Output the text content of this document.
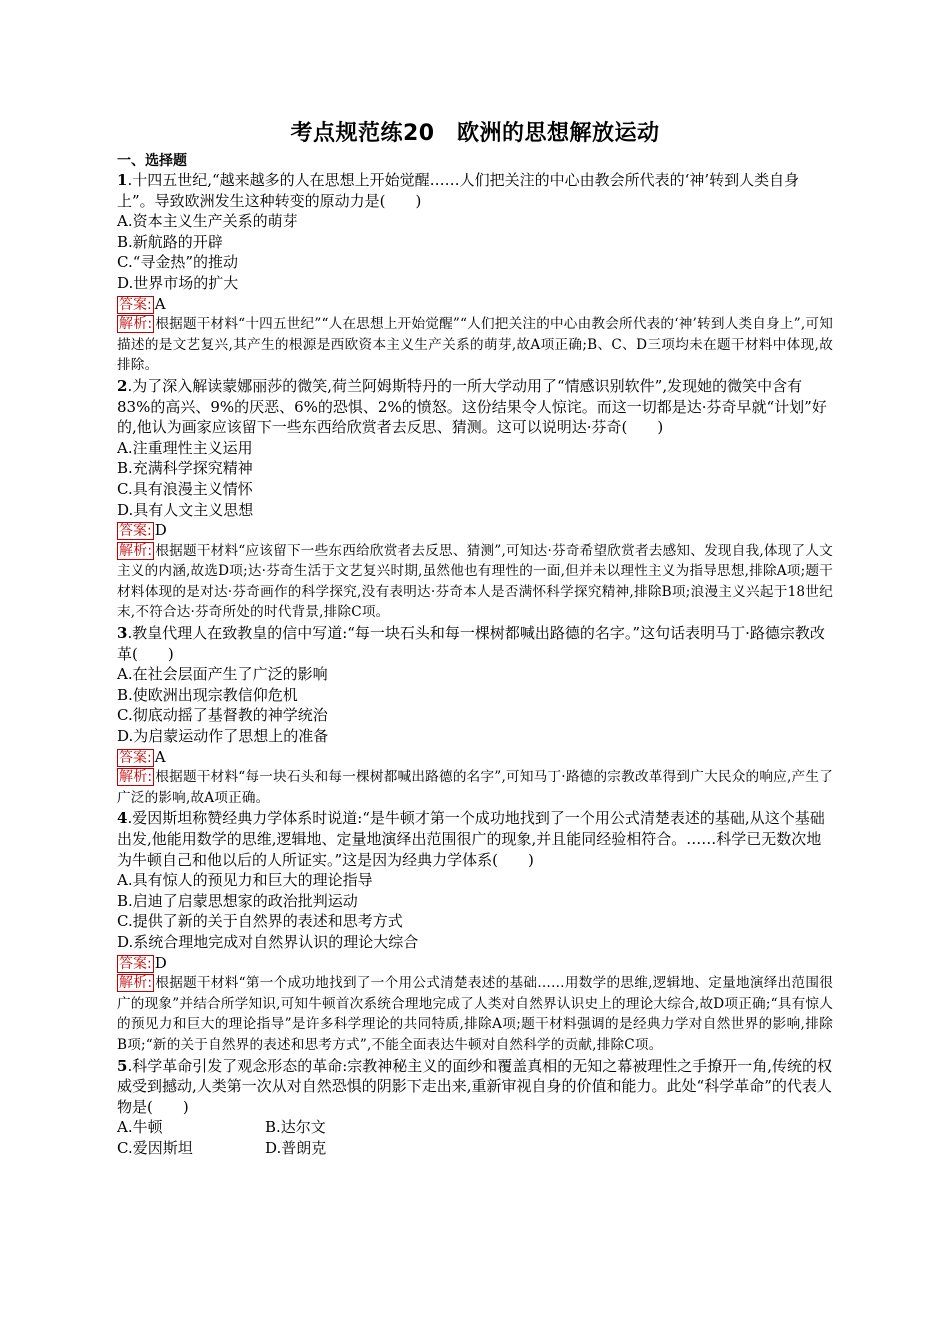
考点规范练20　欧洲的思想解放运动
一、选择题
1.十四五世纪,“越来越多的人在思想上开始觉醒……人们把关注的中心由教会所代表的‘神’转到人类自身上”。导致欧洲发生这种转变的原动力是(　　)
A.资本主义生产关系的萌芽
B.新航路的开辟
C.“寻金热”的推动
D.世界市场的扩大
答案: A
解析: 根据题干材料“十四五世纪”“人在思想上开始觉醒”“人们把关注的中心由教会所代表的‘神’转到人类自身上”,可知描述的是文艺复兴,其产生的根源是西欧资本主义生产关系的萌芽,故A项正确;B、C、D三项均未在题干材料中体现,故排除。
2.为了深入解读蒙娜丽莎的微笑,荷兰阿姆斯特丹的一所大学动用了“情感识别软件”,发现她的微笑中含有83%的高兴、9%的厌恶、6%的恐惧、2%的愤怒。这份结果令人惊诧。而这一切都是达·芬奇早就“计划”好的,他认为画家应该留下一些东西给欣赏者去反思、猜测。这可以说明达·芬奇(　　)
A.注重理性主义运用
B.充满科学探究精神
C.具有浪漫主义情怀
D.具有人文主义思想
答案: D
解析: 根据题干材料“应该留下一些东西给欣赏者去反思、猜测”,可知达·芬奇希望欣赏者去感知、发现自我,体现了人文主义的内涵,故选D项;达·芬奇生活于文艺复兴时期,虽然他也有理性的一面,但并未以理性主义为指导思想,排除A项;题干材料体现的是对达·芬奇画作的科学探究,没有表明达·芬奇本人是否满怀科学探究精神,排除B项;浪漫主义兴起于18世纪末,不符合达·芬奇所处的时代背景,排除C项。
3.教皇代理人在致教皇的信中写道:“每一块石头和每一棵树都喊出路德的名字。”这句话表明马丁·路德宗教改革(　　)
A.在社会层面产生了广泛的影响
B.使欧洲出现宗教信仰危机
C.彻底动摇了基督教的神学统治
D.为启蒙运动作了思想上的准备
答案: A
解析: 根据题干材料“每一块石头和每一棵树都喊出路德的名字”,可知马丁·路德的宗教改革得到广大民众的响应,产生了广泛的影响,故A项正确。
4.爱因斯坦称赞经典力学体系时说道:“是牛顿才第一个成功地找到了一个用公式清楚表述的基础,从这个基础出发,他能用数学的思维,逻辑地、定量地演绎出范围很广的现象,并且能同经验相符合。……科学已无数次地为牛顿自己和他以后的人所证实。”这是因为经典力学体系(　　)
A.具有惊人的预见力和巨大的理论指导
B.启迪了启蒙思想家的政治批判运动
C.提供了新的关于自然界的表述和思考方式
D.系统合理地完成对自然界认识的理论大综合
答案: D
解析: 根据题干材料“第一个成功地找到了一个用公式清楚表述的基础……用数学的思维,逻辑地、定量地演绎出范围很广的现象”并结合所学知识,可知牛顿首次系统合理地完成了人类对自然界认识史上的理论大综合,故D项正确;“具有惊人的预见力和巨大的理论指导”是许多科学理论的共同特质,排除A项;题干材料强调的是经典力学对自然世界的影响,排除B项;“新的关于自然界的表述和思考方式”,不能全面表达牛顿对自然科学的贡献,排除C项。
5.科学革命引发了观念形态的革命:宗教神秘主义的面纱和覆盖真相的无知之幕被理性之手撩开一角,传统的权威受到撼动,人类第一次从对自然恐惧的阴影下走出来,重新审视自身的价值和能力。此处“科学革命”的代表人物是(　　)
A.牛顿	B.达尔文
C.爱因斯坦	D.普朗克
